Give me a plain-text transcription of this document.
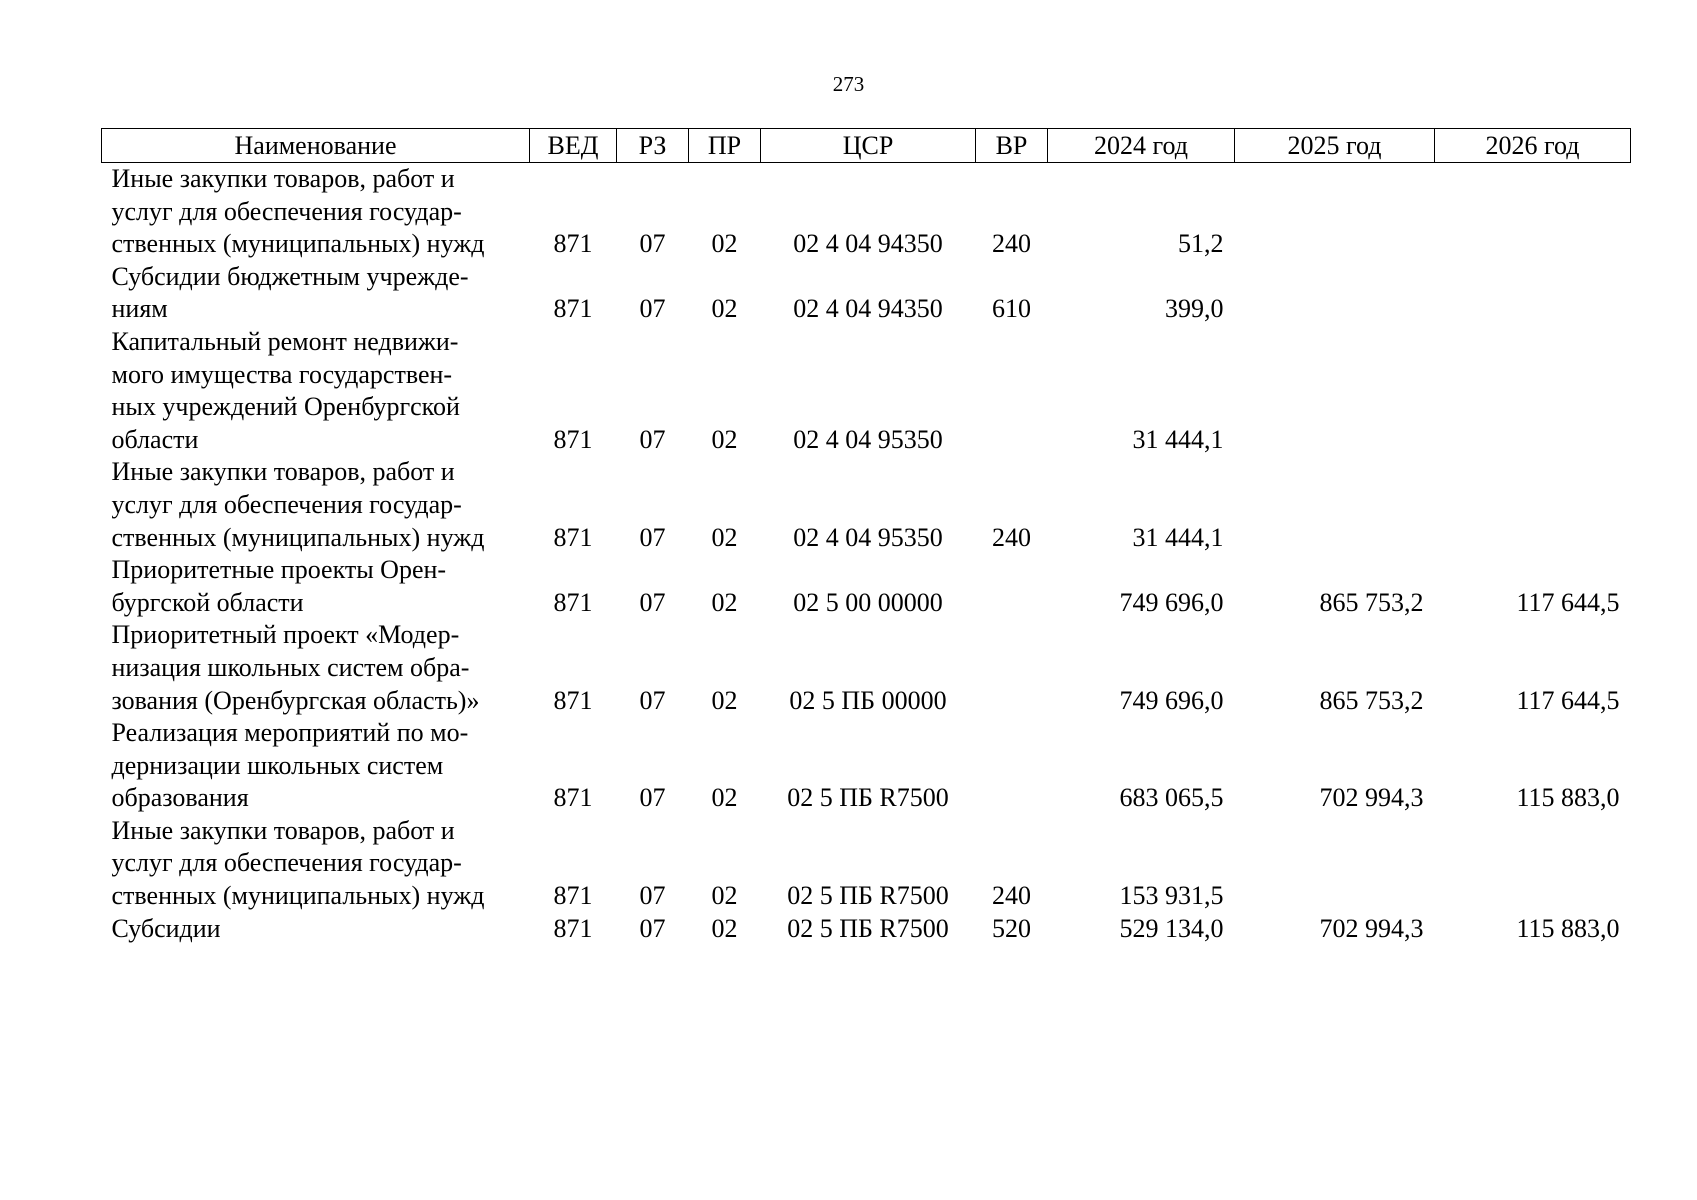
273
Наименование	ВЕД	РЗ	ПР	ЦСР	ВР	2024 год	2025 год	2026 год

Иные закупки товаров, работ и
услуг для обеспечения государ-
ственных (муниципальных) нужд	871	07	02	02 4 04 94350	240	51,2		

Субсидии бюджетным учрежде-
ниям	871	07	02	02 4 04 94350	610	399,0		

Капитальный ремонт недвижи-
мого имущества государствен-
ных учреждений Оренбургской
области	871	07	02	02 4 04 95350		31 444,1		

Иные закупки товаров, работ и
услуг для обеспечения государ-
ственных (муниципальных) нужд	871	07	02	02 4 04 95350	240	31 444,1		

Приоритетные проекты Орен-
бургской области	871	07	02	02 5 00 00000		749 696,0	865 753,2	117 644,5

Приоритетный проект «Модер-
низация школьных систем обра-
зования (Оренбургская область)»	871	07	02	02 5 ПБ 00000		749 696,0	865 753,2	117 644,5

Реализация мероприятий по мо-
дернизации школьных систем
образования	871	07	02	02 5 ПБ R7500		683 065,5	702 994,3	115 883,0

Иные закупки товаров, работ и
услуг для обеспечения государ-
ственных (муниципальных) нужд	871	07	02	02 5 ПБ R7500	240	153 931,5		

Субсидии	871	07	02	02 5 ПБ R7500	520	529 134,0	702 994,3	115 883,0
